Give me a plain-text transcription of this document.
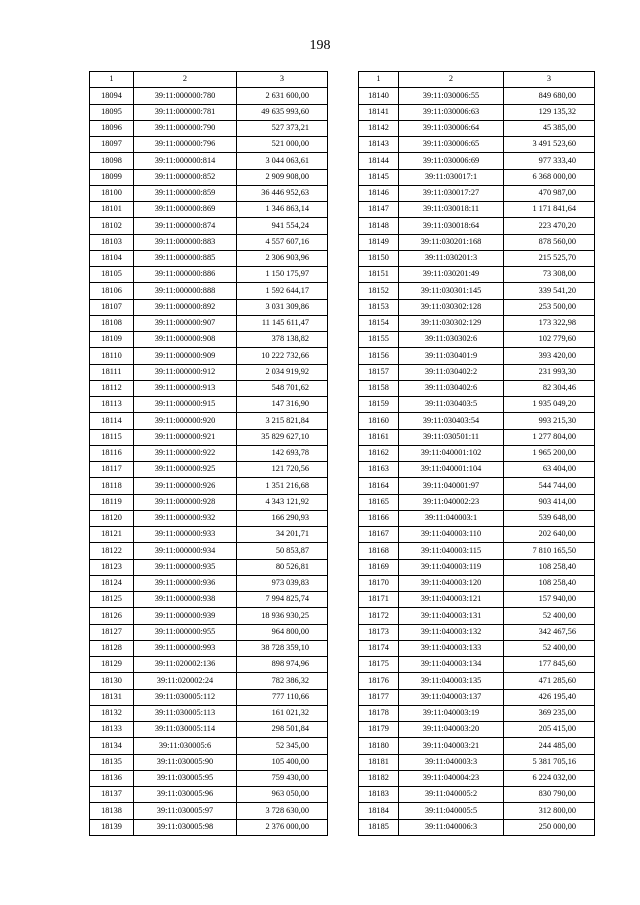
198
1	2	3
18094	39:11:000000:780	2 631 600,00
18095	39:11:000000:781	49 635 993,60
18096	39:11:000000:790	527 373,21
18097	39:11:000000:796	521 000,00
18098	39:11:000000:814	3 044 063,61
18099	39:11:000000:852	2 909 908,00
18100	39:11:000000:859	36 446 952,63
18101	39:11:000000:869	1 346 863,14
18102	39:11:000000:874	941 554,24
18103	39:11:000000:883	4 557 607,16
18104	39:11:000000:885	2 306 903,96
18105	39:11:000000:886	1 150 175,97
18106	39:11:000000:888	1 592 644,17
18107	39:11:000000:892	3 031 309,86
18108	39:11:000000:907	11 145 611,47
18109	39:11:000000:908	378 138,82
18110	39:11:000000:909	10 222 732,66
18111	39:11:000000:912	2 034 919,92
18112	39:11:000000:913	548 701,62
18113	39:11:000000:915	147 316,90
18114	39:11:000000:920	3 215 821,84
18115	39:11:000000:921	35 829 627,10
18116	39:11:000000:922	142 693,78
18117	39:11:000000:925	121 720,56
18118	39:11:000000:926	1 351 216,68
18119	39:11:000000:928	4 343 121,92
18120	39:11:000000:932	166 290,93
18121	39:11:000000:933	34 201,71
18122	39:11:000000:934	50 853,87
18123	39:11:000000:935	80 526,81
18124	39:11:000000:936	973 039,83
18125	39:11:000000:938	7 994 825,74
18126	39:11:000000:939	18 936 930,25
18127	39:11:000000:955	964 800,00
18128	39:11:000000:993	38 728 359,10
18129	39:11:020002:136	898 974,96
18130	39:11:020002:24	782 386,32
18131	39:11:030005:112	777 110,66
18132	39:11:030005:113	161 021,32
18133	39:11:030005:114	298 501,84
18134	39:11:030005:6	52 345,00
18135	39:11:030005:90	105 400,00
18136	39:11:030005:95	759 430,00
18137	39:11:030005:96	963 050,00
18138	39:11:030005:97	3 728 630,00
18139	39:11:030005:98	2 376 000,00
1	2	3
18140	39:11:030006:55	849 680,00
18141	39:11:030006:63	129 135,32
18142	39:11:030006:64	45 385,00
18143	39:11:030006:65	3 491 523,60
18144	39:11:030006:69	977 333,40
18145	39:11:030017:1	6 368 000,00
18146	39:11:030017:27	470 987,00
18147	39:11:030018:11	1 171 841,64
18148	39:11:030018:64	223 470,20
18149	39:11:030201:168	878 560,00
18150	39:11:030201:3	215 525,70
18151	39:11:030201:49	73 308,00
18152	39:11:030301:145	339 541,20
18153	39:11:030302:128	253 500,00
18154	39:11:030302:129	173 322,98
18155	39:11:030302:6	102 779,60
18156	39:11:030401:9	393 420,00
18157	39:11:030402:2	231 993,30
18158	39:11:030402:6	82 304,46
18159	39:11:030403:5	1 935 049,20
18160	39:11:030403:54	993 215,30
18161	39:11:030501:11	1 277 804,00
18162	39:11:040001:102	1 965 200,00
18163	39:11:040001:104	63 404,00
18164	39:11:040001:97	544 744,00
18165	39:11:040002:23	903 414,00
18166	39:11:040003:1	539 648,00
18167	39:11:040003:110	202 640,00
18168	39:11:040003:115	7 810 165,50
18169	39:11:040003:119	108 258,40
18170	39:11:040003:120	108 258,40
18171	39:11:040003:121	157 940,00
18172	39:11:040003:131	52 400,00
18173	39:11:040003:132	342 467,56
18174	39:11:040003:133	52 400,00
18175	39:11:040003:134	177 845,60
18176	39:11:040003:135	471 285,60
18177	39:11:040003:137	426 195,40
18178	39:11:040003:19	369 235,00
18179	39:11:040003:20	205 415,00
18180	39:11:040003:21	244 485,00
18181	39:11:040003:3	5 381 705,16
18182	39:11:040004:23	6 224 032,00
18183	39:11:040005:2	830 790,00
18184	39:11:040005:5	312 800,00
18185	39:11:040006:3	250 000,00
